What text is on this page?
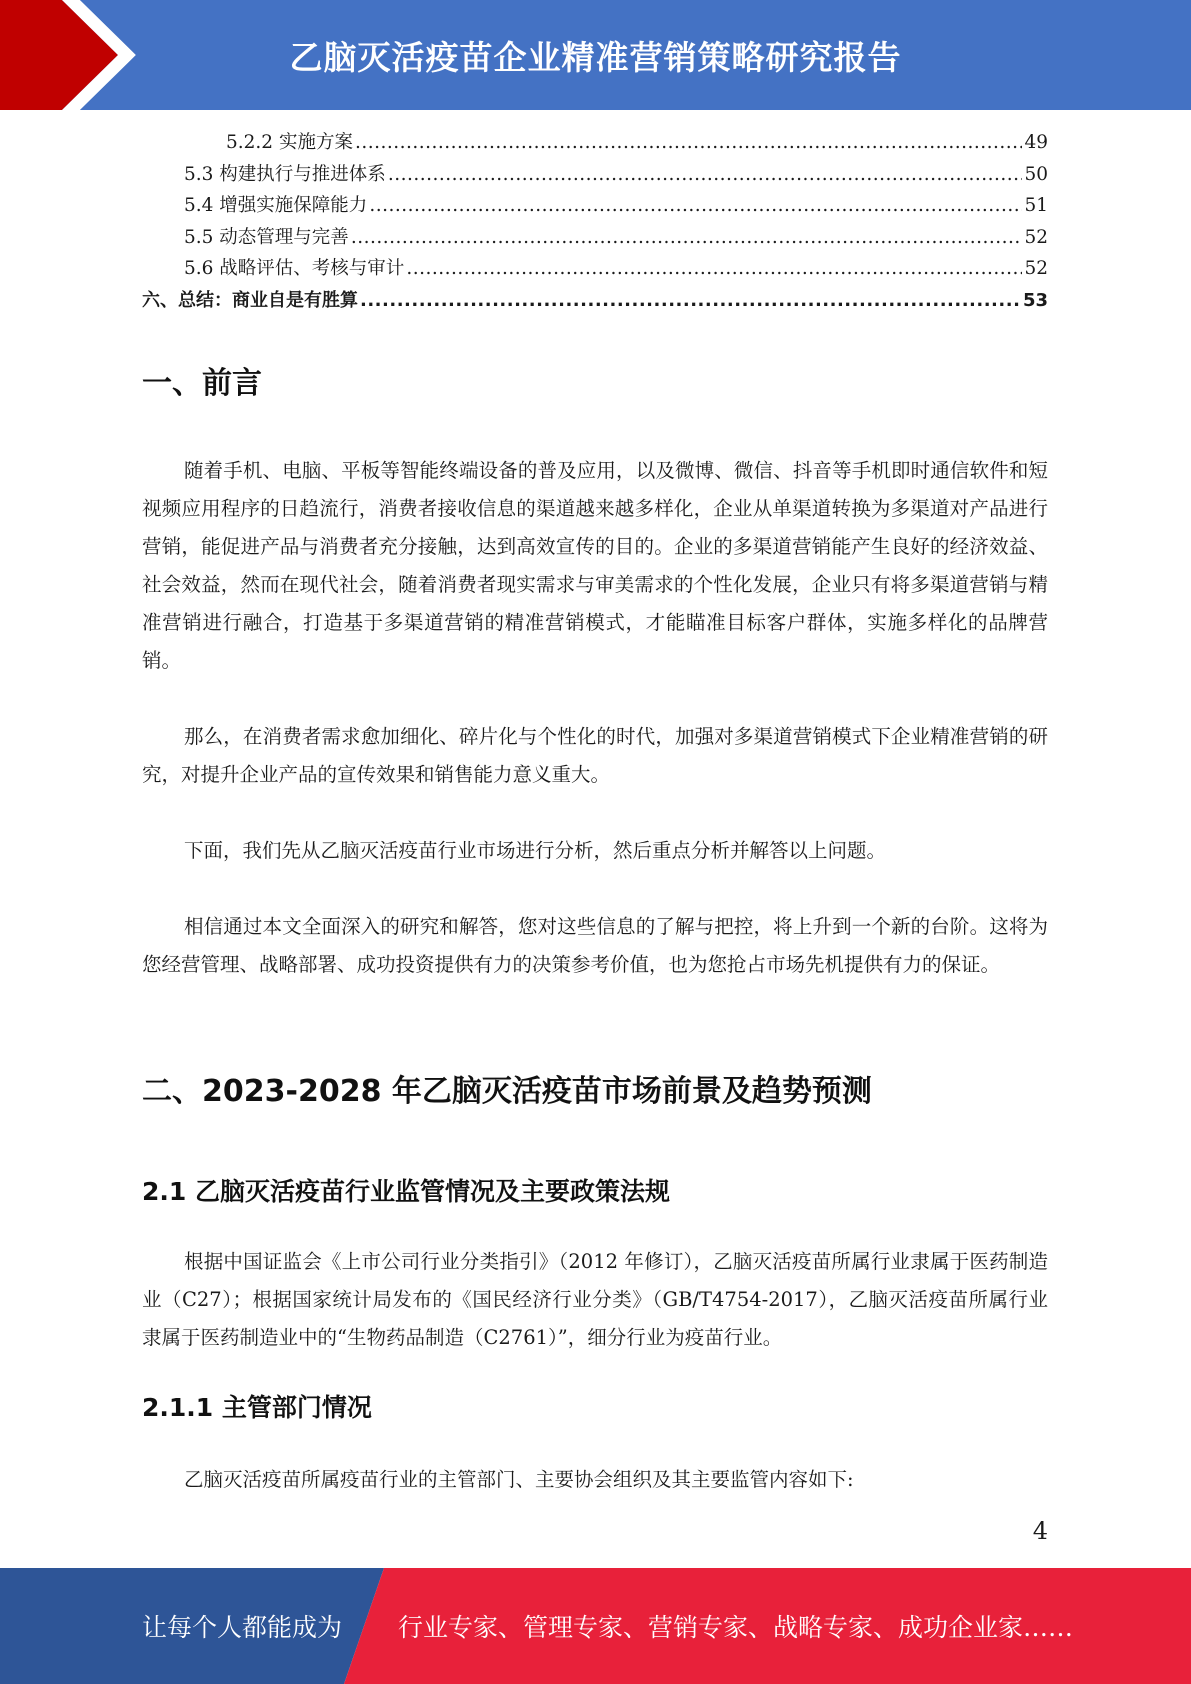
乙脑灭活疫苗企业精准营销策略研究报告
5.2.2 实施方案 .....	49
5.3 构建执行与推进体系 .....	50
5.4 增强实施保障能力 .....	51
5.5 动态管理与完善 .....	52
5.6 战略评估、考核与审计 .....	52
六、总结：商业自是有胜算 .....	53
一、前言

随着手机、电脑、平板等智能终端设备的普及应用，以及微博、微信、抖音等手机即时通信软件和短视频应用程序的日趋流行，消费者接收信息的渠道越来越多样化，企业从单渠道转换为多渠道对产品进行营销，能促进产品与消费者充分接触，达到高效宣传的目的。企业的多渠道营销能产生良好的经济效益、社会效益，然而在现代社会，随着消费者现实需求与审美需求的个性化发展，企业只有将多渠道营销与精准营销进行融合，打造基于多渠道营销的精准营销模式，才能瞄准目标客户群体，实施多样化的品牌营销。

那么，在消费者需求愈加细化、碎片化与个性化的时代，加强对多渠道营销模式下企业精准营销的研究，对提升企业产品的宣传效果和销售能力意义重大。

下面，我们先从乙脑灭活疫苗行业市场进行分析，然后重点分析并解答以上问题。

相信通过本文全面深入的研究和解答，您对这些信息的了解与把控，将上升到一个新的台阶。这将为您经营管理、战略部署、成功投资提供有力的决策参考价值，也为您抢占市场先机提供有力的保证。

二、2023-2028 年乙脑灭活疫苗市场前景及趋势预测
2.1 乙脑灭活疫苗行业监管情况及主要政策法规

根据中国证监会《上市公司行业分类指引》（2012 年修订），乙脑灭活疫苗所属行业隶属于医药制造业（C27）；根据国家统计局发布的《国民经济行业分类》（GB/T4754-2017），乙脑灭活疫苗所属行业隶属于医药制造业中的“生物药品制造（C2761）”，细分行业为疫苗行业。

2.1.1 主管部门情况

乙脑灭活疫苗所属疫苗行业的主管部门、主要协会组织及其主要监管内容如下:

4
让每个人都能成为 行业专家、管理专家、营销专家、战略专家、成功企业家……
